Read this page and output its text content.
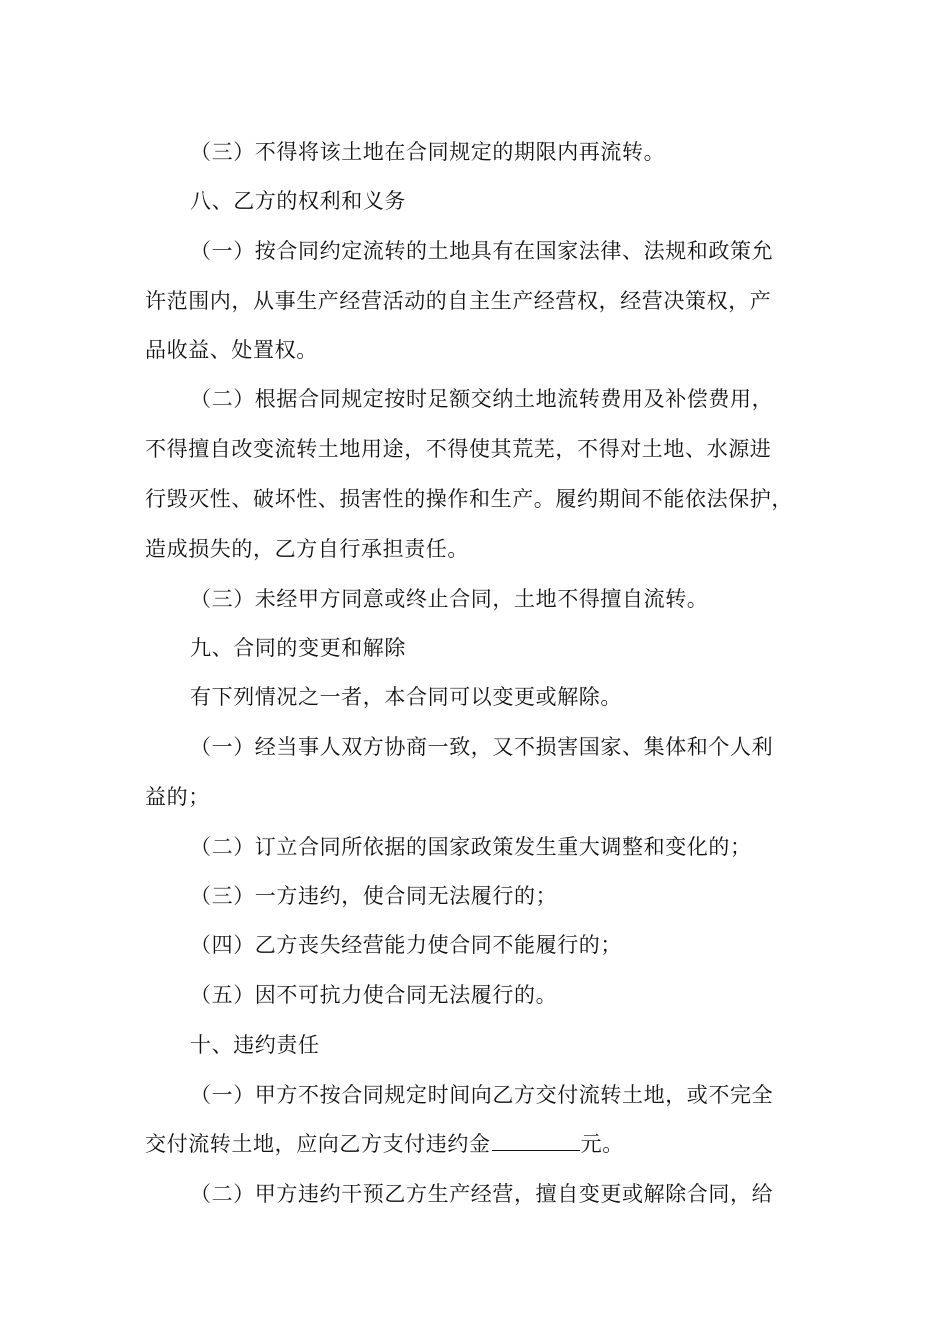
（三）不得将该土地在合同规定的期限内再流转。

八、乙方的权利和义务

（一）按合同约定流转的土地具有在国家法律、法规和政策允

许范围内，从事生产经营活动的自主生产经营权，经营决策权，产

品收益、处置权。

（二）根据合同规定按时足额交纳土地流转费用及补偿费用，

不得擅自改变流转土地用途，不得使其荒芜，不得对土地、水源进

行毁灭性、破坏性、损害性的操作和生产。履约期间不能依法保护，

造成损失的，乙方自行承担责任。

（三）未经甲方同意或终止合同，土地不得擅自流转。

九、合同的变更和解除

有下列情况之一者，本合同可以变更或解除。

（一）经当事人双方协商一致，又不损害国家、集体和个人利

益的；

（二）订立合同所依据的国家政策发生重大调整和变化的；

（三）一方违约，使合同无法履行的；

（四）乙方丧失经营能力使合同不能履行的；

（五）因不可抗力使合同无法履行的。

十、违约责任

（一）甲方不按合同规定时间向乙方交付流转土地，或不完全

交付流转土地，应向乙方支付违约金	元。

（二）甲方违约干预乙方生产经营，擅自变更或解除合同，给
